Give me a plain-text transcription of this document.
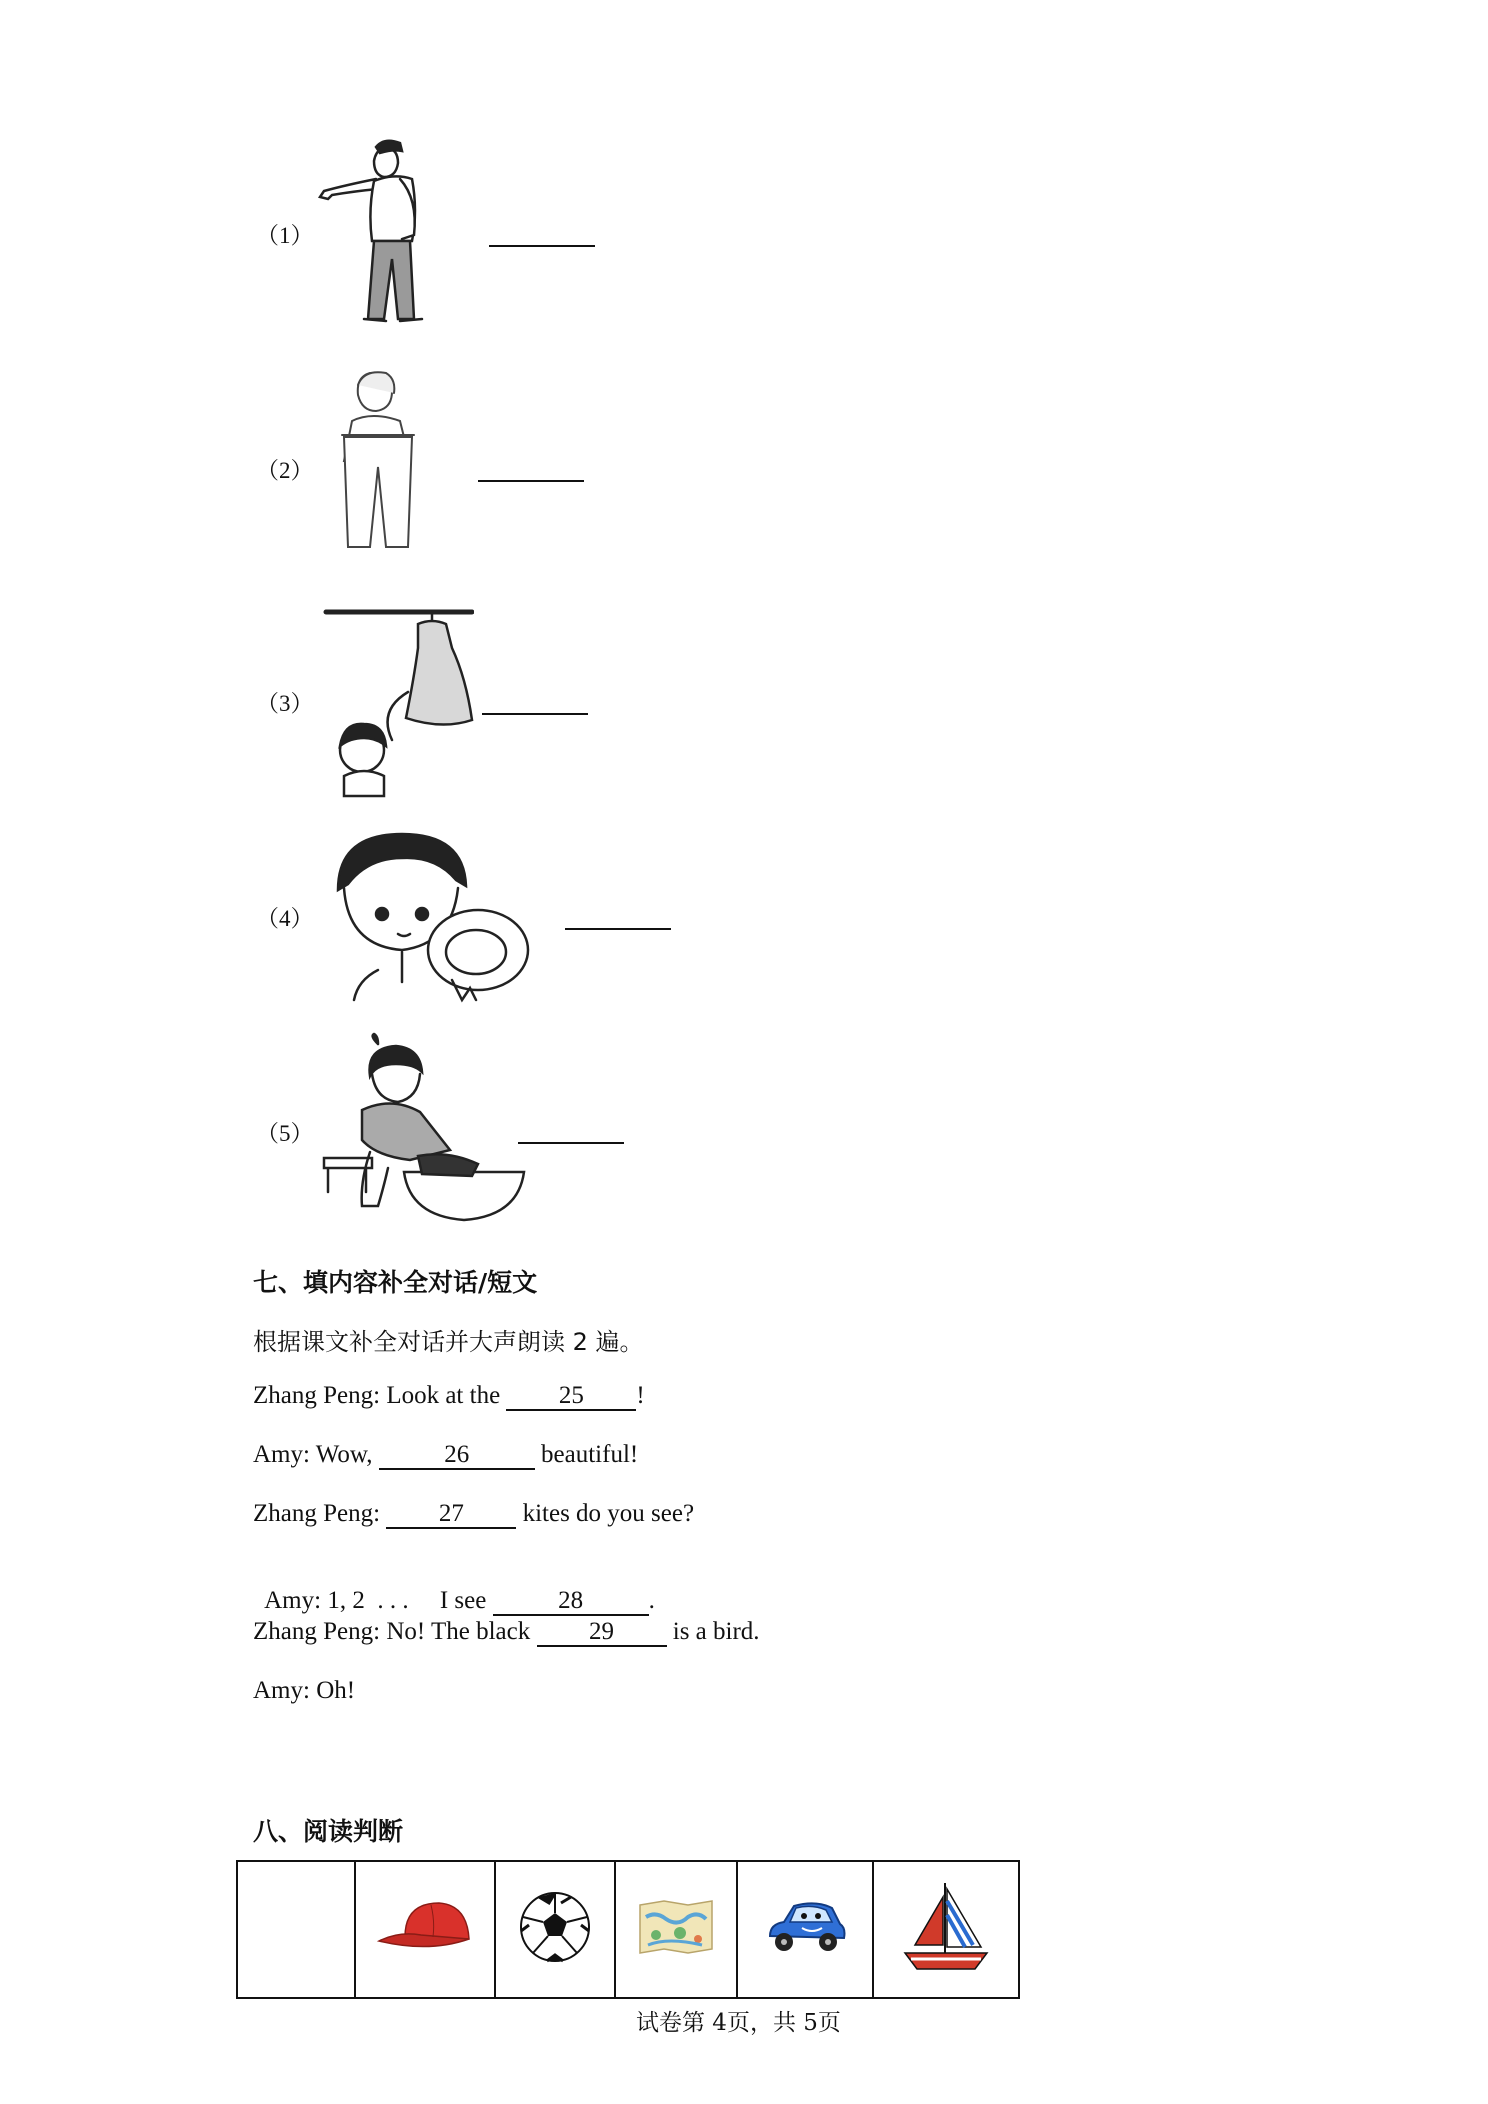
（1）
（2）
（3）
（4）
（5）
七、填内容补全对话/短文
根据课文补全对话并大声朗读 2 遍。
Zhang Peng: Look at the 25 !
Amy: Wow,	26	beautiful!
Zhang Peng: 27 kites do you see?

Amy: 1, 2  . . .     I see	28	.

Zhang Peng: No! The black 29 is a bird.
Amy: Oh!
八、阅读判断

试卷第 4页，共 5页
